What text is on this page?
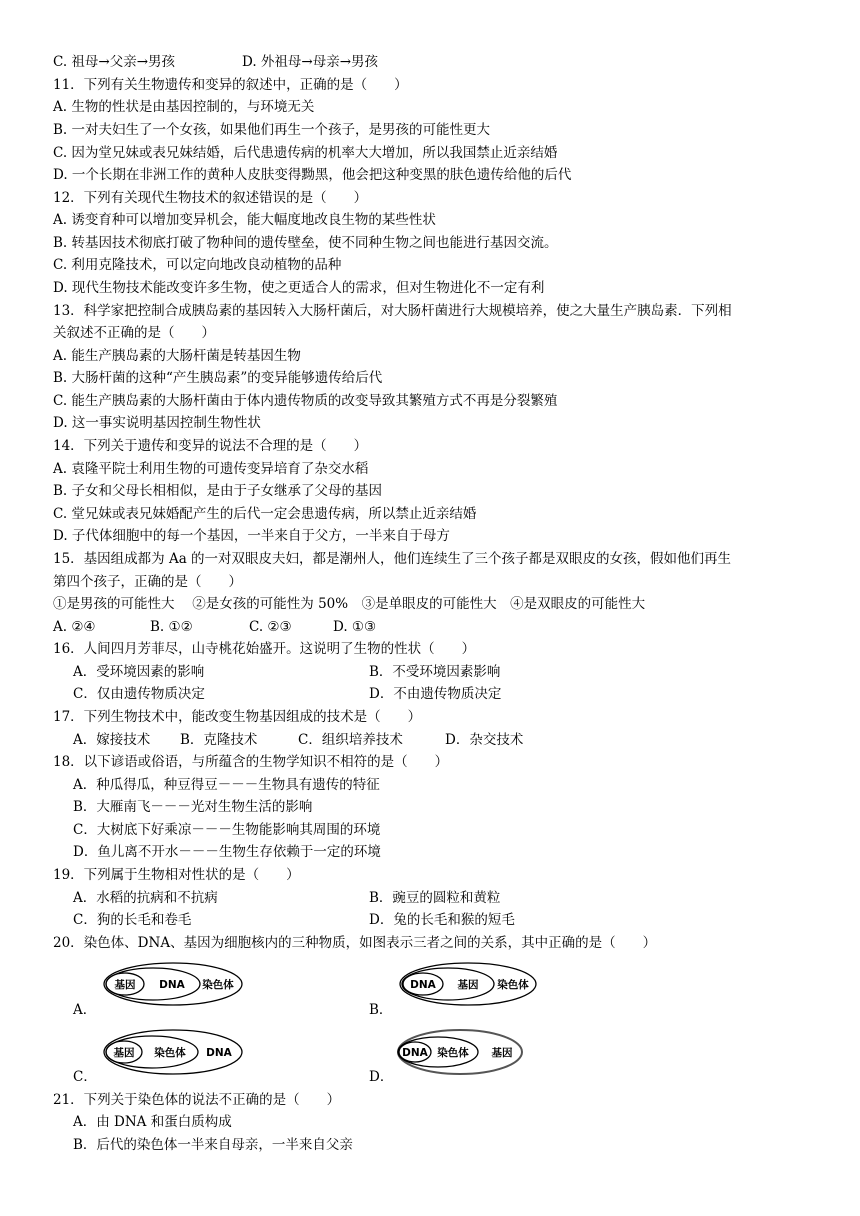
C. 祖母→父亲→男孩	D. 外祖母→母亲→男孩
11．下列有关生物遗传和变异的叙述中，正确的是（　　）
A. 生物的性状是由基因控制的，与环境无关
B. 一对夫妇生了一个女孩，如果他们再生一个孩子，是男孩的可能性更大
C. 因为堂兄妹或表兄妹结婚，后代患遗传病的机率大大增加，所以我国禁止近亲结婚
D. 一个长期在非洲工作的黄种人皮肤变得黝黑，他会把这种变黑的肤色遗传给他的后代
12．下列有关现代生物技术的叙述错误的是（　　）
A. 诱变育种可以增加变异机会，能大幅度地改良生物的某些性状
B. 转基因技术彻底打破了物种间的遗传壁垒，使不同种生物之间也能进行基因交流。
C. 利用克隆技术，可以定向地改良动植物的品种
D. 现代生物技术能改变许多生物，使之更适合人的需求，但对生物进化不一定有利
13．科学家把控制合成胰岛素的基因转入大肠杆菌后，对大肠杆菌进行大规模培养，使之大量生产胰岛素．下列相
关叙述不正确的是（　　）
A. 能生产胰岛素的大肠杆菌是转基因生物
B. 大肠杆菌的这种“产生胰岛素”的变异能够遗传给后代
C. 能生产胰岛素的大肠杆菌由于体内遗传物质的改变导致其繁殖方式不再是分裂繁殖
D. 这一事实说明基因控制生物性状
14．下列关于遗传和变异的说法不合理的是（　　）
A. 袁隆平院士利用生物的可遗传变异培育了杂交水稻
B. 子女和父母长相相似，是由于子女继承了父母的基因
C. 堂兄妹或表兄妹婚配产生的后代一定会患遗传病，所以禁止近亲结婚
D. 子代体细胞中的每一个基因，一半来自于父方，一半来自于母方
15．基因组成都为 Aa 的一对双眼皮夫妇，都是潮州人，他们连续生了三个孩子都是双眼皮的女孩，假如他们再生
第四个孩子，正确的是（　　）
①是男孩的可能性大　 ②是女孩的可能性为 50%　③是单眼皮的可能性大　④是双眼皮的可能性大
A. ②④	B. ①②	C. ②③	D. ①③
16．人间四月芳菲尽，山寺桃花始盛开。这说明了生物的性状（　　）
A．受环境因素的影响	B．不受环境因素影响
C．仅由遗传物质决定	D．不由遗传物质决定
17．下列生物技术中，能改变生物基因组成的技术是（　　）
A．嫁接技术 B．克隆技术	C．组织培养技术	D．杂交技术
18．以下谚语或俗语，与所蕴含的生物学知识不相符的是（　　）
A．种瓜得瓜，种豆得豆－－－生物具有遗传的特征
B．大雁南飞－－－光对生物生活的影响
C．大树底下好乘凉－－－生物能影响其周围的环境
D．鱼儿离不开水－－－生物生存依赖于一定的环境
19．下列属于生物相对性状的是（　　）
A．水稻的抗病和不抗病	B．豌豆的圆粒和黄粒
C．狗的长毛和卷毛	D．兔的长毛和猴的短毛
20．染色体、DNA、基因为细胞核内的三种物质，如图表示三者之间的关系，其中正确的是（　　）
A．
基因 DNA 染色体
B．
DNA 基因 染色体
C．
基因 染色体 DNA
D．
DNA 染色体 基因
21．下列关于染色体的说法不正确的是（　　）
A．由 DNA 和蛋白质构成
B．后代的染色体一半来自母亲，一半来自父亲
